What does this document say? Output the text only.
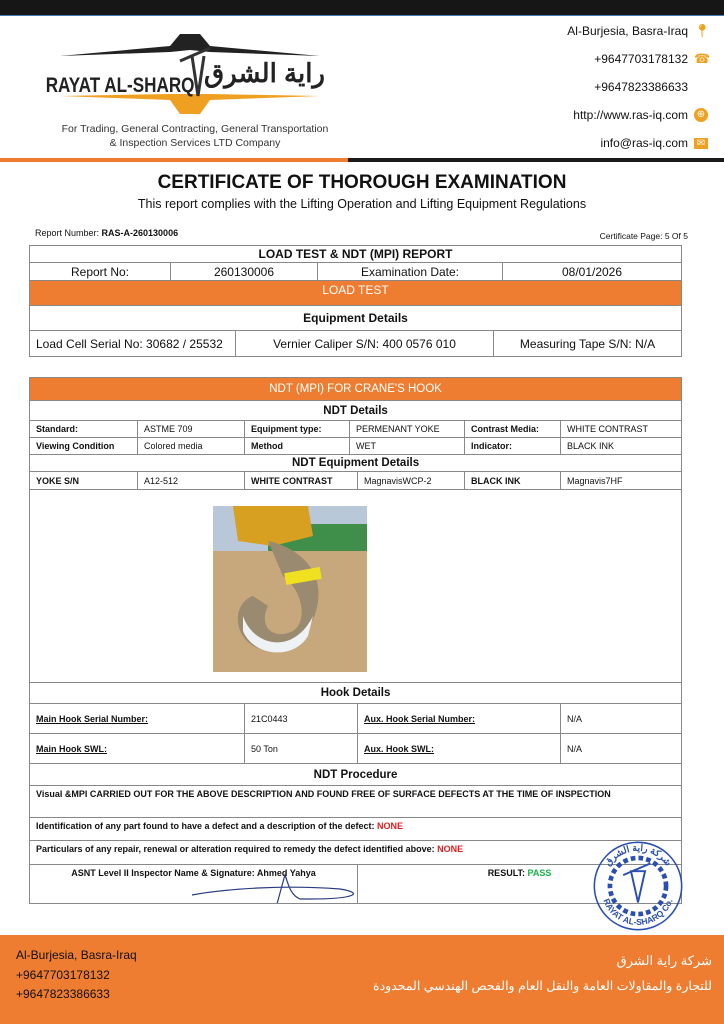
RAYAT AL-SHARQ راية الشرق
For Trading, General Contracting, General Transportation
& Inspection Services LTD Company
Al-Burjesia, Basra-Iraq 📍︎
+9647703178132 ☎
+9647823386633
http://www.ras-iq.com ⊕
info@ras-iq.com ✉
CERTIFICATE OF THOROUGH EXAMINATION
This report complies with the Lifting Operation and Lifting Equipment Regulations
Report Number: RAS-A-260130006	Certificate Page: 5 Of 5
LOAD TEST & NDT (MPI) REPORT
Report No:	260130006	Examination Date:	08/01/2026
LOAD TEST
Equipment Details

Load Cell Serial No: 30682 / 25532	Vernier Caliper S/N: 400 0576 010	Measuring Tape S/N: N/A
NDT (MPI) FOR CRANE'S HOOK						
NDT Details						
Standard:	ASTME 709	Equipment type:	PERMENANT YOKE		Contrast Media:	WHITE CONTRAST
Viewing Condition	Colored media	Method	WET		Indicator:	BLACK INK
NDT Equipment Details						
YOKE S/N	A12-512	WHITE CONTRAST		MagnavisWCP-2	BLACK INK	Magnavis7HF

Hook Details						
Main Hook Serial Number:		21C0443		Aux. Hook Serial Number:		N/A
Main Hook SWL:		50 Ton		Aux. Hook SWL:		N/A
NDT Procedure						
Visual &MPI CARRIED OUT FOR THE ABOVE DESCRIPTION AND FOUND FREE OF SURFACE DEFECTS AT THE TIME OF INSPECTION						
Identification of any part found to have a defect and a description of the defect: NONE						
Particulars of any repair, renewal or alteration required to remedy the defect identified above: NONE						
ASNT Level II Inspector Name & Signature: Ahmed Yahya				RESULT: PASS		
Al-Burjesia, Basra-Iraq
+9647703178132
+9647823386633
شركة راية الشرق
للتجارة والمقاولات العامة والنقل العام والفحص الهندسي المحدودة
شركة راية الشرق
RAYAT AL-SHARQ Co.
